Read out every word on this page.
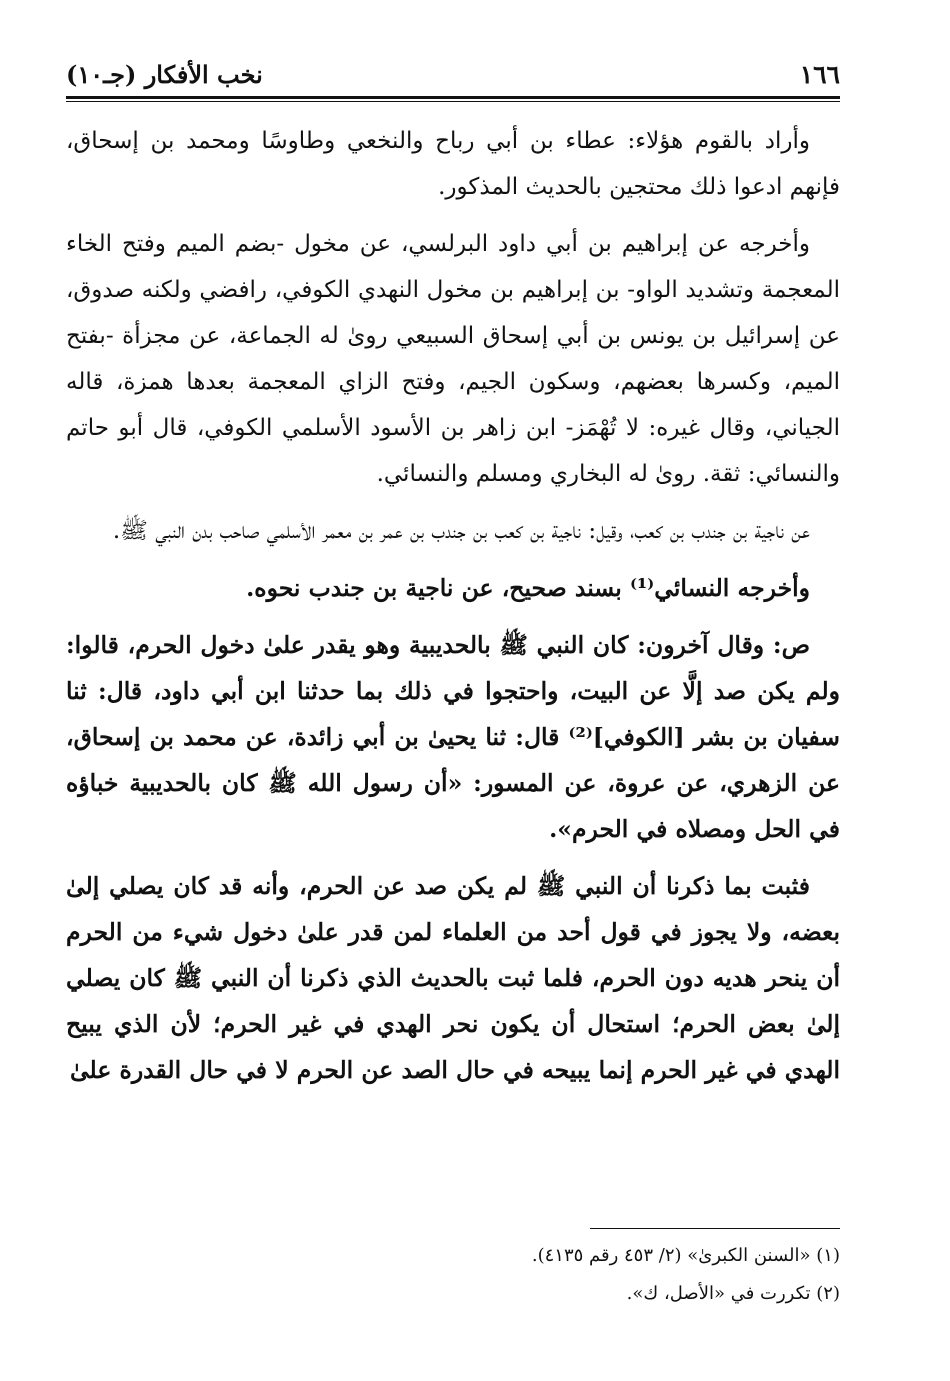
١٦٦
نخب الأفكار (جـ١٠)

وأراد بالقوم هؤلاء: عطاء بن أبي رباح والنخعي وطاوسًا ومحمد بن إسحاق، فإنهم ادعوا ذلك محتجين بالحديث المذكور.

وأخرجه عن إبراهيم بن أبي داود البرلسي، عن مخول -بضم الميم وفتح الخاء المعجمة وتشديد الواو- بن إبراهيم بن مخول النهدي الكوفي، رافضي ولكنه صدوق، عن إسرائيل بن يونس بن أبي إسحاق السبيعي روىٰ له الجماعة، عن مجزأة -بفتح الميم، وكسرها بعضهم، وسكون الجيم، وفتح الزاي المعجمة بعدها همزة، قاله الجياني، وقال غيره: لا تُهْمَز- ابن زاهر بن الأسود الأسلمي الكوفي، قال أبو حاتم والنسائي: ثقة. روىٰ له البخاري ومسلم والنسائي.

عن ناجية بن جندب بن كعب، وقيل: ناجية بن كعب بن جندب بن عمر بن معمر الأسلمي صاحب بدن النبي ﷺ.

وأخرجه النسائي⁽¹⁾ بسند صحيح، عن ناجية بن جندب نحوه.

ص: وقال آخرون: كان النبي ﷺ بالحديبية وهو يقدر علىٰ دخول الحرم، قالوا: ولم يكن صد إلَّا عن البيت، واحتجوا في ذلك بما حدثنا ابن أبي داود، قال: ثنا سفيان بن بشر [الكوفي]⁽²⁾ قال: ثنا يحيىٰ بن أبي زائدة، عن محمد بن إسحاق، عن الزهري، عن عروة، عن المسور: «أن رسول الله ﷺ كان بالحديبية خباؤه في الحل ومصلاه في الحرم».

فثبت بما ذكرنا أن النبي ﷺ لم يكن صد عن الحرم، وأنه قد كان يصلي إلىٰ بعضه، ولا يجوز في قول أحد من العلماء لمن قدر علىٰ دخول شيء من الحرم أن ينحر هديه دون الحرم، فلما ثبت بالحديث الذي ذكرنا أن النبي ﷺ كان يصلي إلىٰ بعض الحرم؛ استحال أن يكون نحر الهدي في غير الحرم؛ لأن الذي يبيح الهدي في غير الحرم إنما يبيحه في حال الصد عن الحرم لا في حال القدرة علىٰ

(١) «السنن الكبرىٰ» (٢/ ٤٥٣ رقم ٤١٣٥).

(٢) تكررت في «الأصل، ك».
